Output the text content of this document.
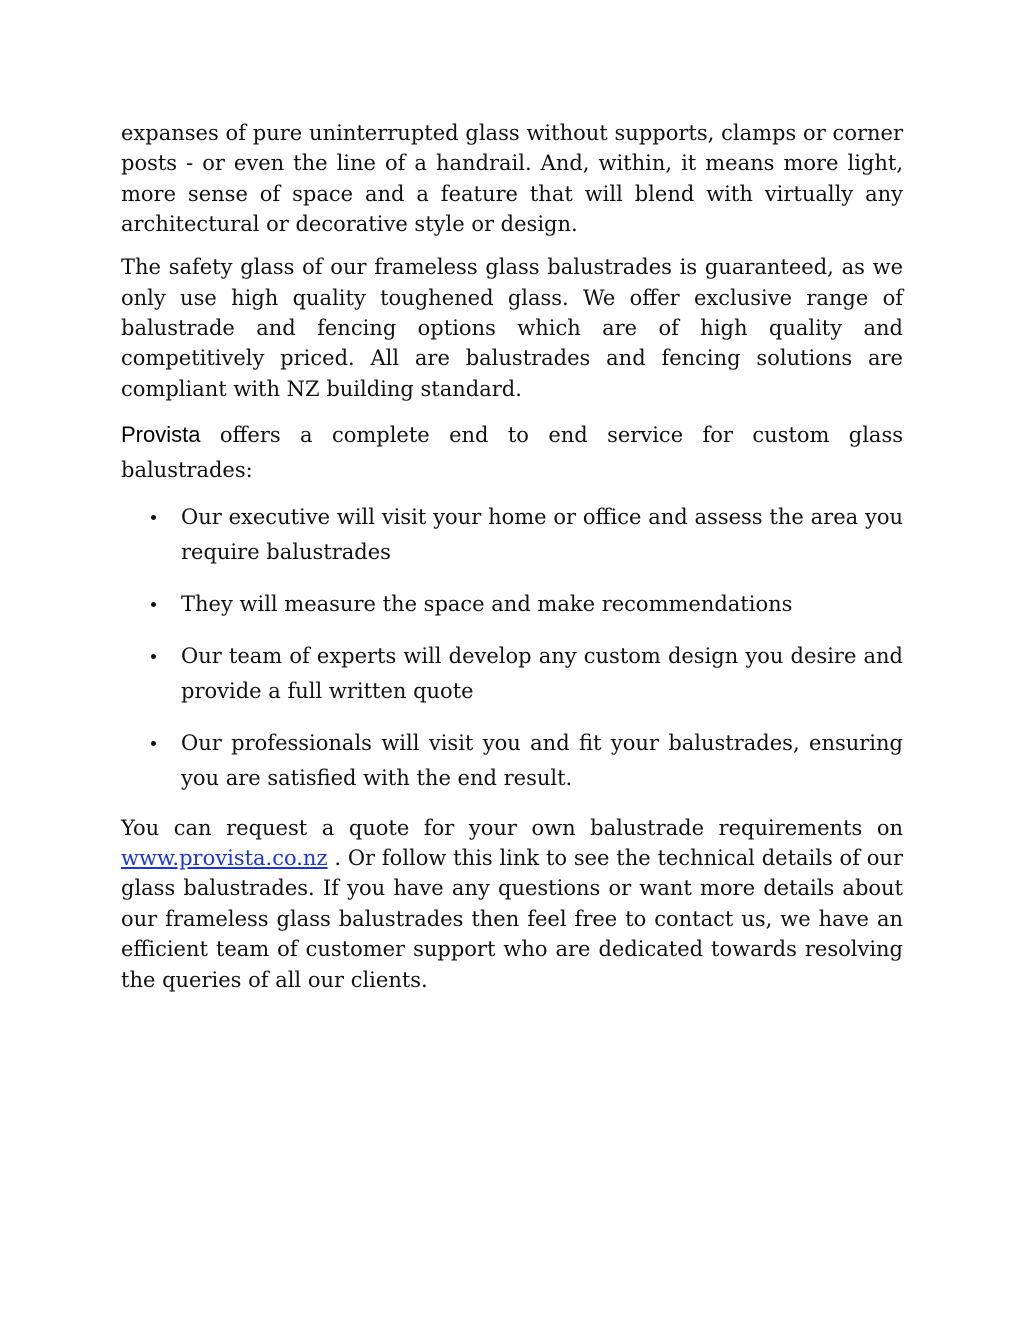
expanses of pure uninterrupted glass without supports, clamps or corner posts - or even the line of a handrail. And, within, it means more light, more sense of space and a feature that will blend with virtually any architectural or decorative style or design.

The safety glass of our frameless glass balustrades is guaranteed, as we only use high quality toughened glass. We offer exclusive range of balustrade and fencing options which are of high quality and competitively priced. All are balustrades and fencing solutions are compliant with NZ building standard.

Provista offers a complete end to end service for custom glass balustrades:

Our executive will visit your home or office and assess the area you require balustrades
They will measure the space and make recommendations
Our team of experts will develop any custom design you desire and provide a full written quote
Our professionals will visit you and fit your balustrades, ensuring you are satisfied with the end result.

You can request a quote for your own balustrade requirements on www.provista.co.nz . Or follow this link to see the technical details of our glass balustrades. If you have any questions or want more details about our frameless glass balustrades then feel free to contact us, we have an efficient team of customer support who are dedicated towards resolving the queries of all our clients.
